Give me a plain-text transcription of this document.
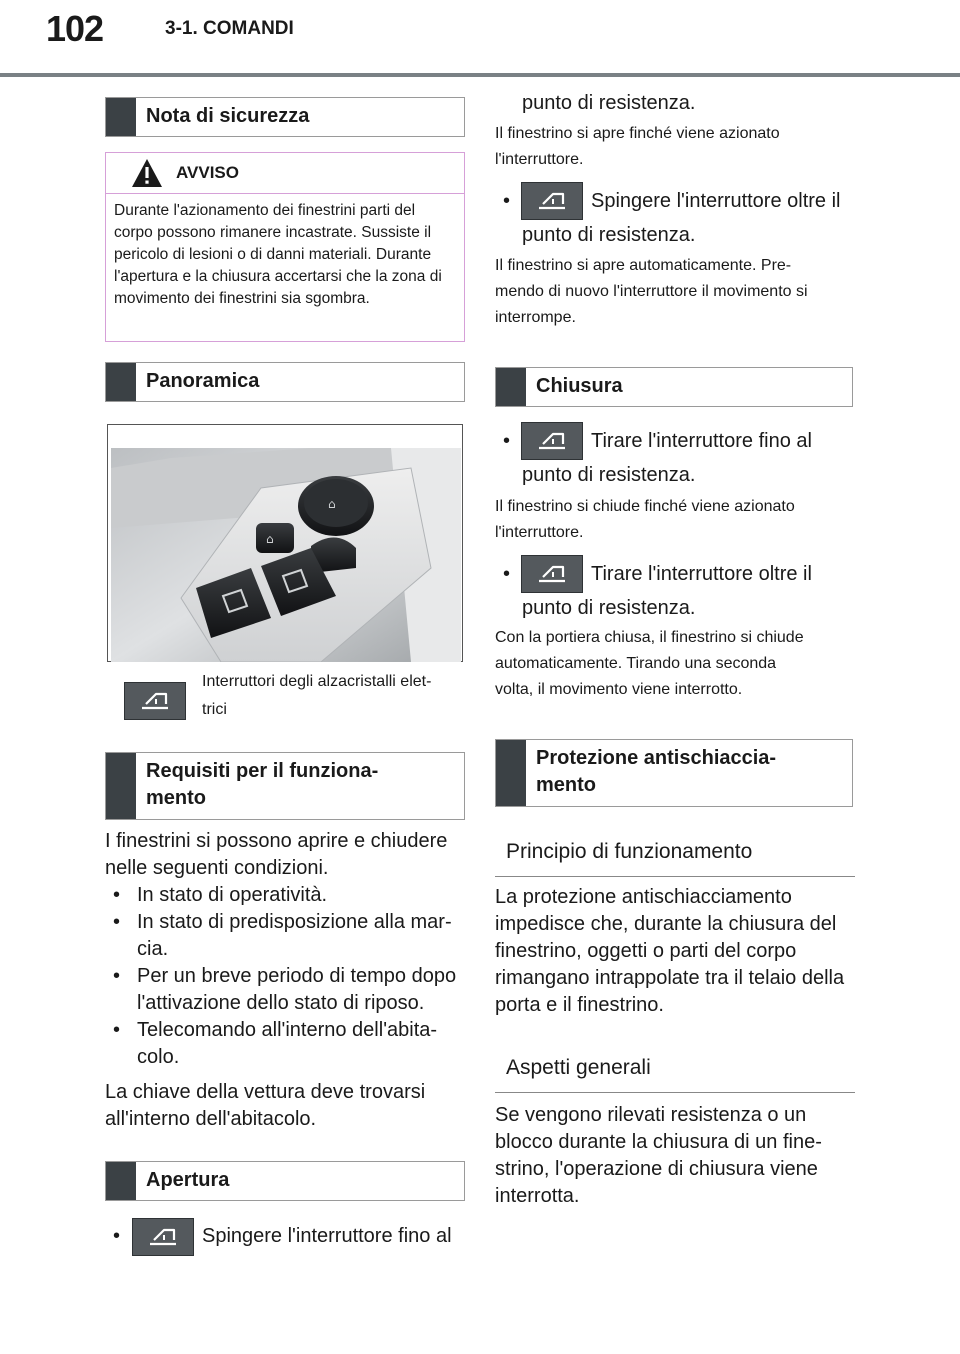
102	3-1. COMANDI
Nota di sicurezza
AVVISO
Durante l'azionamento dei finestrini parti del corpo possono rimanere incastrate. Sussiste il pericolo di lesioni o di danni materiali. Durante l'apertura e la chiusura accertarsi che la zona di movimento dei finestrini sia sgombra.
Panoramica
⌂
⌂
Interruttori degli alzacristalli elet-
trici
Requisiti per il funziona-
mento
I finestrini si possono aprire e chiudere
nelle seguenti condizioni.
• In stato di operatività.
• In stato di predisposizione alla mar-
cia.
• Per un breve periodo di tempo dopo
l'attivazione dello stato di riposo.
• Telecomando all'interno dell'abita-
colo.
La chiave della vettura deve trovarsi
all'interno dell'abitacolo.
Apertura
•	Spingere l'interruttore fino al
punto di resistenza.
Il finestrino si apre finché viene azionato
l'interruttore.
•	Spingere l'interruttore oltre il
punto di resistenza.
Il finestrino si apre automaticamente. Pre-
mendo di nuovo l'interruttore il movimento si
interrompe.
Chiusura
•	Tirare l'interruttore fino al
punto di resistenza.
Il finestrino si chiude finché viene azionato
l'interruttore.
•	Tirare l'interruttore oltre il
punto di resistenza.
Con la portiera chiusa, il finestrino si chiude
automaticamente. Tirando una seconda
volta, il movimento viene interrotto.
Protezione antischiaccia-
mento
Principio di funzionamento
La protezione antischiacciamento
impedisce che, durante la chiusura del
finestrino, oggetti o parti del corpo
rimangano intrappolate tra il telaio della
porta e il finestrino.
Aspetti generali
Se vengono rilevati resistenza o un
blocco durante la chiusura di un fine-
strino, l'operazione di chiusura viene
interrotta.
